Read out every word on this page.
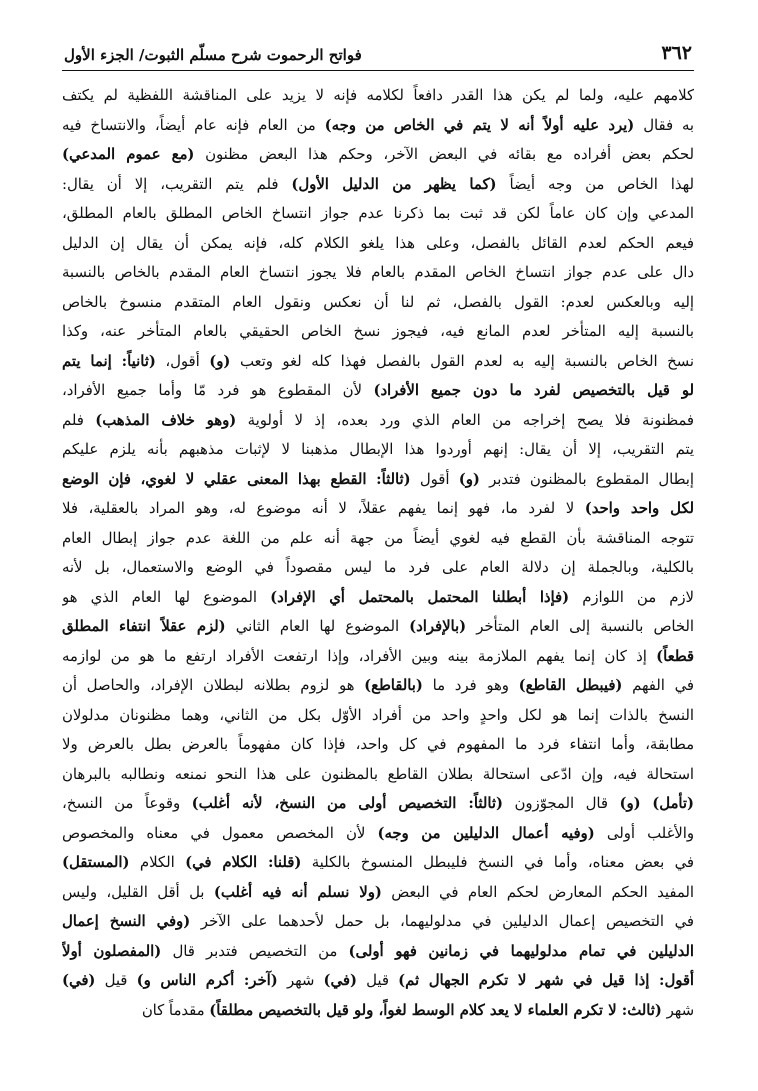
٣٦٢
فواتح الرحموت شرح مسلّم الثبوت/ الجزء الأول
كلامهم عليه، ولما لم يكن هذا القدر دافعاً لكلامه فإنه لا يزيد على المناقشة اللفظية لم يكتف
به فقال (يرد عليه أولاً أنه لا يتم في الخاص من وجه) من العام فإنه عام أيضاً، والانتساخ فيه
لحكم بعض أفراده مع بقائه في البعض الآخر، وحكم هذا البعض مظنون (مع عموم المدعي)
لهذا الخاص من وجه أيضاً (كما يظهر من الدليل الأول) فلم يتم التقريب، إلا أن يقال:
المدعي وإن كان عاماً لكن قد ثبت بما ذكرنا عدم جواز انتساخ الخاص المطلق بالعام المطلق،
فيعم الحكم لعدم القائل بالفصل، وعلى هذا يلغو الكلام كله، فإنه يمكن أن يقال إن الدليل
دال على عدم جواز انتساخ الخاص المقدم بالعام فلا يجوز انتساخ العام المقدم بالخاص بالنسبة
إليه وبالعكس لعدم: القول بالفصل، ثم لنا أن نعكس ونقول العام المتقدم منسوخ بالخاص
بالنسبة إليه المتأخر لعدم المانع فيه، فيجوز نسخ الخاص الحقيقي بالعام المتأخر عنه، وكذا
نسخ الخاص بالنسبة إليه به لعدم القول بالفصل فهذا كله لغو وتعب (و) أقول، (ثانياً: إنما يتم
لو قيل بالتخصيص لفرد ما دون جميع الأفراد) لأن المقطوع هو فرد مّا وأما جميع الأفراد،
فمظنونة فلا يصح إخراجه من العام الذي ورد بعده، إذ لا أولوية (وهو خلاف المذهب) فلم
يتم التقريب، إلا أن يقال: إنهم أوردوا هذا الإبطال مذهبنا لا لإثبات مذهبهم بأنه يلزم عليكم
إبطال المقطوع بالمظنون فتدبر (و) أقول (ثالثاً: القطع بهذا المعنى عقلي لا لغوي، فإن الوضع
لكل واحد واحد) لا لفرد ما، فهو إنما يفهم عقلاً، لا أنه موضوع له، وهو المراد بالعقلية، فلا
تتوجه المناقشة بأن القطع فيه لغوي أيضاً من جهة أنه علم من اللغة عدم جواز إبطال العام
بالكلية، وبالجملة إن دلالة العام على فرد ما ليس مقصوداً في الوضع والاستعمال، بل لأنه
لازم من اللوازم (فإذا أبطلنا المحتمل بالمحتمل أي الإفراد) الموضوع لها العام الذي هو
الخاص بالنسبة إلى العام المتأخر (بالإفراد) الموضوع لها العام الثاني (لزم عقلاً انتفاء المطلق
قطعاً) إذ كان إنما يفهم الملازمة بينه وبين الأفراد، وإذا ارتفعت الأفراد ارتفع ما هو من لوازمه
في الفهم (فيبطل القاطع) وهو فرد ما (بالقاطع) هو لزوم بطلانه لبطلان الإفراد، والحاصل أن
النسخ بالذات إنما هو لكل واحدٍ واحد من أفراد الأوّل بكل من الثاني، وهما مظنونان مدلولان
مطابقة، وأما انتفاء فرد ما المفهوم في كل واحد، فإذا كان مفهوماً بالعرض بطل بالعرض ولا
استحالة فيه، وإن ادّعى استحالة بطلان القاطع بالمظنون على هذا النحو نمنعه ونطالبه بالبرهان
(تأمل) (و) قال المجوّزون (ثالثاً: التخصيص أولى من النسخ، لأنه أغلب) وقوعاً من النسخ،
والأغلب أولى (وفيه أعمال الدليلين من وجه) لأن المخصص معمول في معناه والمخصوص
في بعض معناه، وأما في النسخ فليبطل المنسوخ بالكلية (قلنا: الكلام في) الكلام (المستقل)
المفيد الحكم المعارض لحكم العام في البعض (ولا نسلم أنه فيه أغلب) بل أقل القليل، وليس
في التخصيص إعمال الدليلين في مدلوليهما، بل حمل لأحدهما على الآخر (وفي النسخ إعمال
الدليلين في تمام مدلوليهما في زمانين فهو أولى) من التخصيص فتدبر قال (المفصلون أولاً
أقول: إذا قيل في شهر لا تكرم الجهال ثم) قيل (في) شهر (آخر: أكرم الناس و) قيل (في)
شهر (ثالث: لا تكرم العلماء لا يعد كلام الوسط لغواً، ولو قيل بالتخصيص مطلقاً) مقدماً كان
